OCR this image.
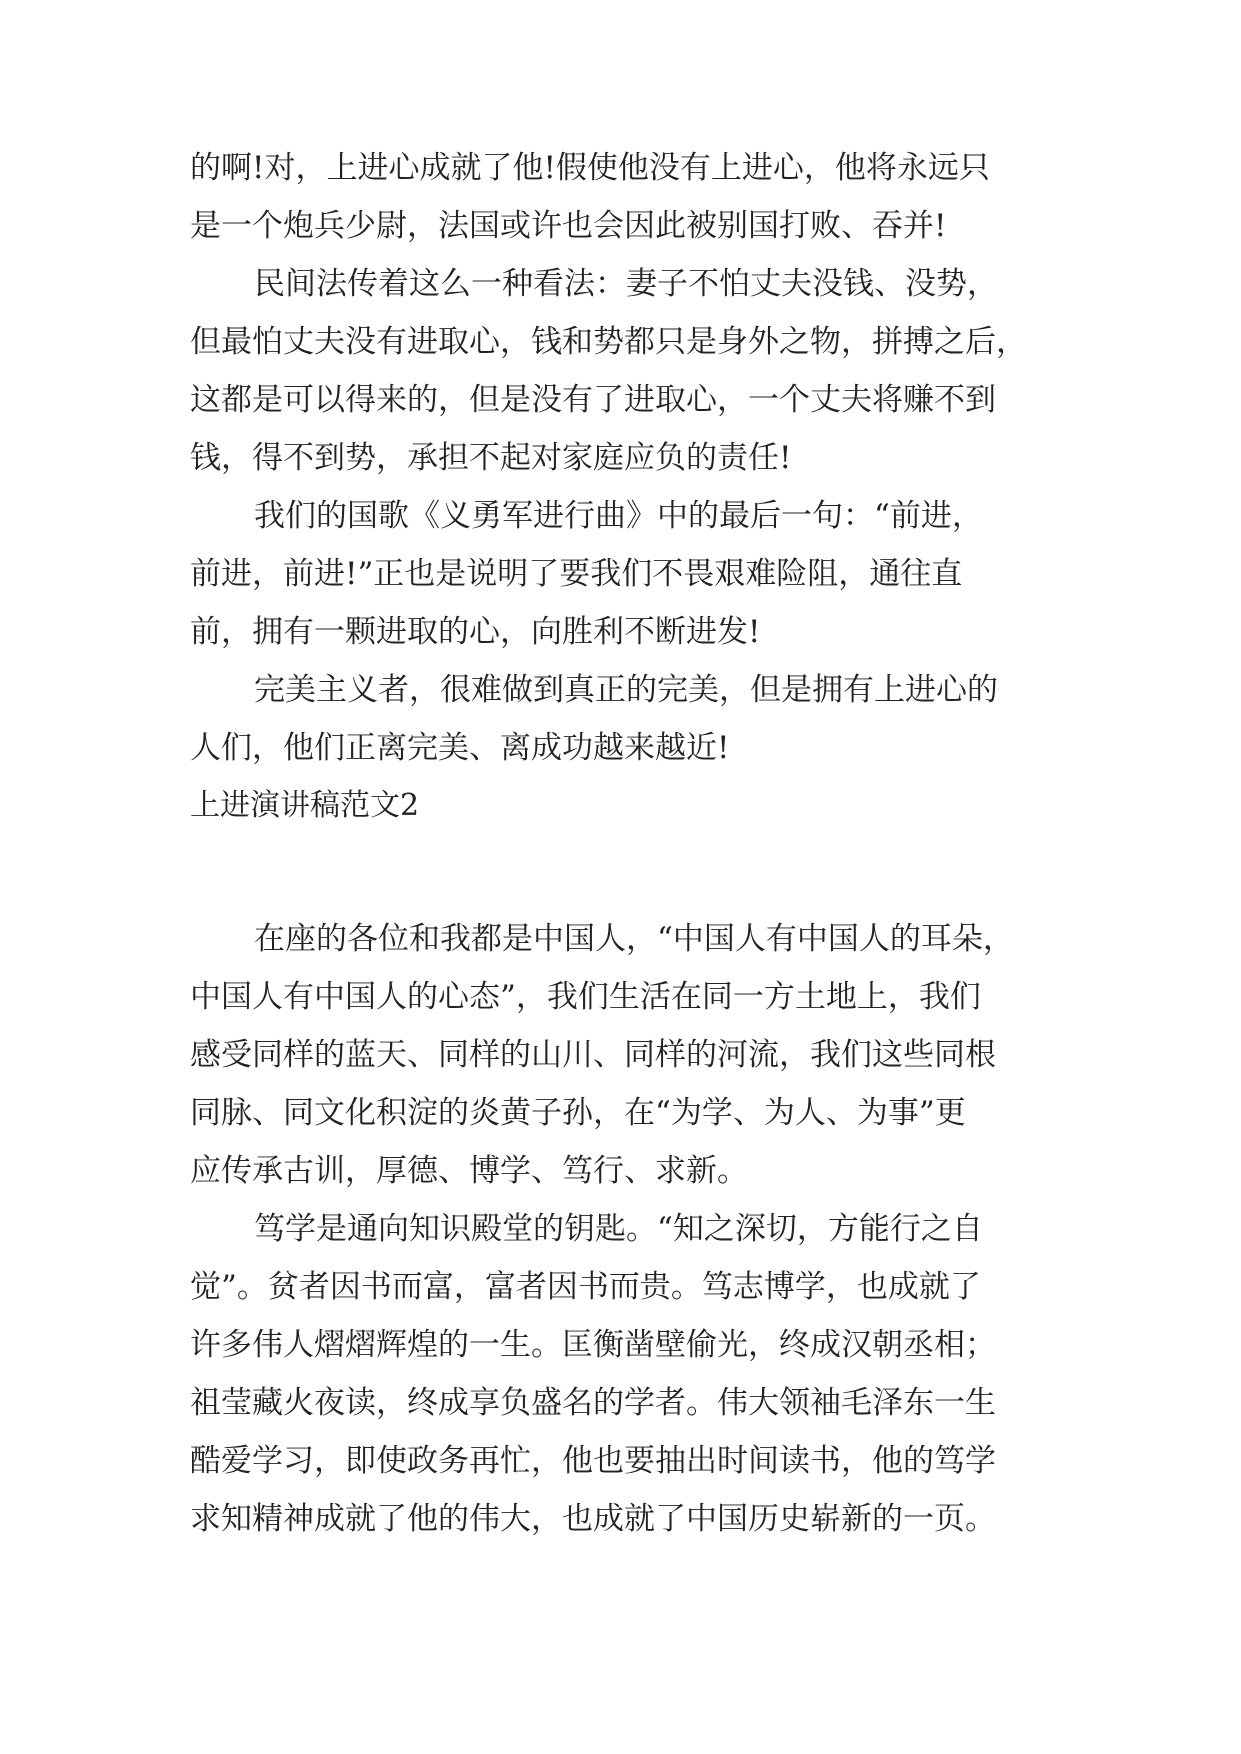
的啊!对，上进心成就了他!假使他没有上进心，他将永远只
是一个炮兵少尉，法国或许也会因此被别国打败、吞并!
民间法传着这么一种看法：妻子不怕丈夫没钱、没势，
但最怕丈夫没有进取心，钱和势都只是身外之物，拼搏之后，
这都是可以得来的，但是没有了进取心，一个丈夫将赚不到
钱，得不到势，承担不起对家庭应负的责任!
我们的国歌《义勇军进行曲》中的最后一句：“前进，
前进，前进!”正也是说明了要我们不畏艰难险阻，通往直
前，拥有一颗进取的心，向胜利不断进发!
完美主义者，很难做到真正的完美，但是拥有上进心的
人们，他们正离完美、离成功越来越近!
上进演讲稿范文2
在座的各位和我都是中国人，“中国人有中国人的耳朵，
中国人有中国人的心态”，我们生活在同一方土地上，我们
感受同样的蓝天、同样的山川、同样的河流，我们这些同根
同脉、同文化积淀的炎黄子孙，在“为学、为人、为事”更
应传承古训，厚德、博学、笃行、求新。
笃学是通向知识殿堂的钥匙。“知之深切，方能行之自
觉”。贫者因书而富，富者因书而贵。笃志博学，也成就了
许多伟人熠熠辉煌的一生。匡衡凿壁偷光，终成汉朝丞相；
祖莹藏火夜读，终成享负盛名的学者。伟大领袖毛泽东一生
酷爱学习，即使政务再忙，他也要抽出时间读书，他的笃学
求知精神成就了他的伟大，也成就了中国历史崭新的一页。
